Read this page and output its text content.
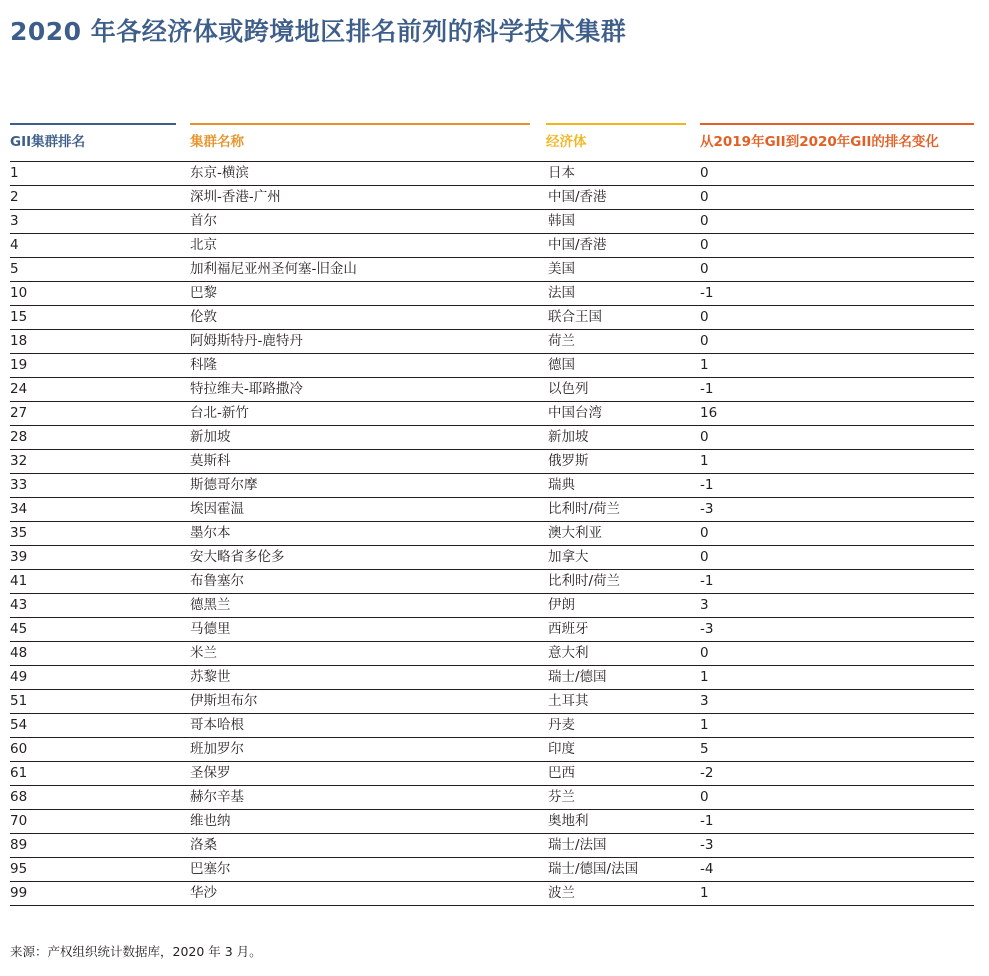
2020 年各经济体或跨境地区排名前列的科学技术集群
GII集群排名	集群名称	经济体	从2019年GII到2020年GII的排名变化
1	东京-横滨	日本	0
2	深圳-香港-广州	中国/香港	0
3	首尔	韩国	0
4	北京	中国/香港	0
5	加利福尼亚州圣何塞-旧金山	美国	0
10	巴黎	法国	-1
15	伦敦	联合王国	0
18	阿姆斯特丹-鹿特丹	荷兰	0
19	科隆	德国	1
24	特拉维夫-耶路撒冷	以色列	-1
27	台北-新竹	中国台湾	16
28	新加坡	新加坡	0
32	莫斯科	俄罗斯	1
33	斯德哥尔摩	瑞典	-1
34	埃因霍温	比利时/荷兰	-3
35	墨尔本	澳大利亚	0
39	安大略省多伦多	加拿大	0
41	布鲁塞尔	比利时/荷兰	-1
43	德黑兰	伊朗	3
45	马德里	西班牙	-3
48	米兰	意大利	0
49	苏黎世	瑞士/德国	1
51	伊斯坦布尔	土耳其	3
54	哥本哈根	丹麦	1
60	班加罗尔	印度	5
61	圣保罗	巴西	-2
68	赫尔辛基	芬兰	0
70	维也纳	奥地利	-1
89	洛桑	瑞士/法国	-3
95	巴塞尔	瑞士/德国/法国	-4
99	华沙	波兰	1
来源：产权组织统计数据库，2020 年 3 月。
